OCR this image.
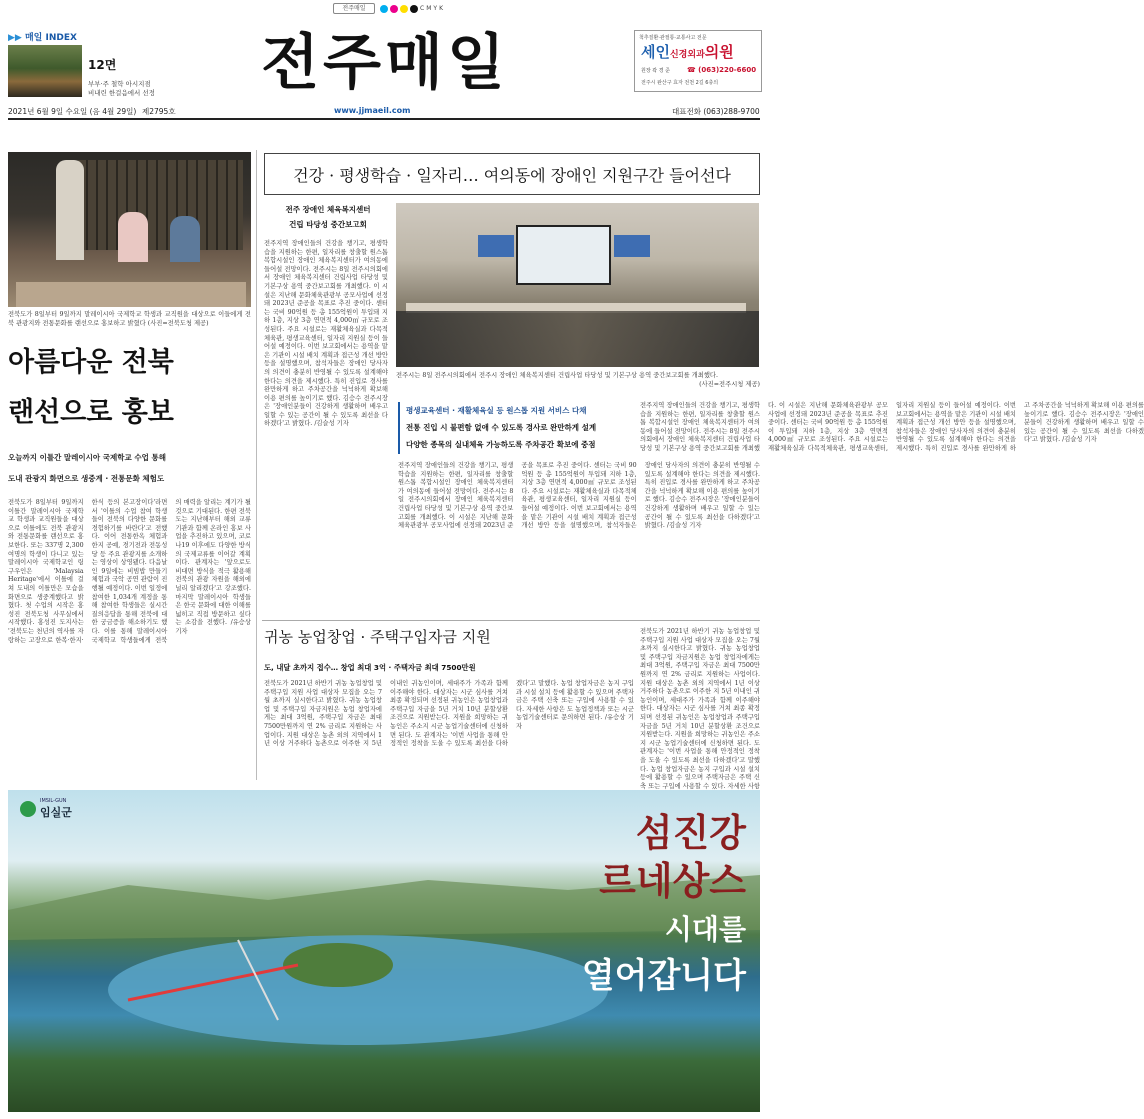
전주매일	C M Y K
▶▶ 매일 INDEX
12면
부부·주 철학 아시지점
비내린 한걸음에서 선정 전주매일	척추질환·관절통·교통사고 전문
세인신경외과의원
원장 곽 경 준 ☎ (063)220-6600
전주시 완산구 효자 전천 2길 6층의
2021년 6월 9일 수요일 (음 4월 29일) 제2795호	www.jjmaeil.com	대표전화 (063)288-9700
전북도가 8일부터 9일까지 말레이시아 국제학교 학생과 교직원을 대상으로 이들에게 전북 관광지와 전통문화를 랜선으로 홍보하고 밝혔다 (사진=전북도청 제공)
아름다운 전북
랜선으로 홍보
오늘까지 이틀간 말레이시아 국제학교 수업 통해
도내 관광지 화면으로 생중계 · 전통문화 체험도
전북도가 8일부터 9일까지 이틀간 말레이시아 국제학교 학생과 교직원들을 대상으로 이틀에도 전북 관광지와 전통문화를 랜선으로 홍보한다. 또는 337명 2,300여명의 학생이 다니고 있는 말레이시아 국제학교인 링구우인은 'Malaysia Heritage'에서 이틀에 걸쳐 도내의 이틀만은 모습을 화면으로 생중계했다고 밝혔다. 첫 수업의 시작은 홍성진 전북도청 사무실에서 시작했다. 홍성진 도지사는 '전북도는 천년의 역사를 자랑하는 고장으로 한복·한지·한식 등의 본고장이다'라면서 '이틀의 수업 참여 학생들이 전북의 다양한 문화를 경험하기를 바란다'고 전했다. 이어 전통한옥 체험과 한지 공예, 경기전과 전동성당 등 주요 관광지를 소개하는 영상이 상영됐다. 다음날인 9일에는 비빔밥 만들기 체험과 국악 공연 관람이 진행될 예정이다. 이번 일정에 참여한 1,034개 계정을 통해 참여한 학생들은 실시간 질의응답을 통해 전북에 대한 궁금증을 해소하기도 했다. 이를 통해 말레이시아 국제학교 학생들에게 전북의 매력을 알리는 계기가 될 것으로 기대된다. 한편 전북도는 지난해부터 해외 교류기관과 함께 온라인 홍보 사업을 추진하고 있으며, 코로나19 이후에도 다양한 방식의 국제교류를 이어갈 계획이다. 관계자는 '앞으로도 비대면 방식을 적극 활용해 전북의 관광 자원을 해외에 널리 알리겠다'고 강조했다. 마지막 말레이시아 학생들은 한국 문화에 대한 이해를 넓히고 직접 방문하고 싶다는 소감을 전했다. /유승상 기자
건강 · 평생학습 · 일자리… 여의동에 장애인 지원구간 들어선다
전주 장애인 체육복지센터
건립 타당성 중간보고회
전주지역 장애인들의 건강을 챙기고, 평생학습을 지원하는 한편, 일자리를 창출할 원스톱 복합시설인 장애인 체육복지센터가 여의동에 들어설 전망이다. 전주시는 8일 전주시의회에서 장애인 체육복지센터 건립사업 타당성 및 기본구상 용역 중간보고회를 개최했다. 이 시설은 지난해 문화체육관광부 공모사업에 선정돼 2023년 준공을 목표로 추진 중이다. 센터는 국비 90억원 등 총 155억원이 투입돼 지하 1층, 지상 3층 연면적 4,000㎡ 규모로 조성된다. 주요 시설로는 재활체육실과 다목적체육관, 평생교육센터, 일자리 지원실 등이 들어설 예정이다. 이번 보고회에서는 용역을 맡은 기관이 시설 배치 계획과 접근성 개선 방안 등을 설명했으며, 참석자들은 장애인 당사자의 의견이 충분히 반영될 수 있도록 설계해야 한다는 의견을 제시했다. 특히 진입로 경사를 완만하게 하고 주차공간을 넉넉하게 확보해 이용 편의를 높이기로 했다. 김승수 전주시장은 '장애인분들이 건강하게 생활하며 배우고 일할 수 있는 공간이 될 수 있도록 최선을 다하겠다'고 밝혔다. /김슬성 기자
전주시는 8일 전주시의회에서 전주시 장애인 체육복지센터 건립사업 타당성 및 기본구상 용역 중간보고회를 개최했다.
(사진=전주시청 제공)
평생교육센터 · 재활체육실 등 원스톱 지원 서비스 다채
전통 진입 시 불편함 없애 수 있도록 경사로 완만하게 설계
다양한 종목의 실내체육 가능하도록 주차공간 확보에 중점
전주지역 장애인들의 건강을 챙기고, 평생학습을 지원하는 한편, 일자리를 창출할 원스톱 복합시설인 장애인 체육복지센터가 여의동에 들어설 전망이다. 전주시는 8일 전주시의회에서 장애인 체육복지센터 건립사업 타당성 및 기본구상 용역 중간보고회를 개최했다. 이 시설은 지난해 문화체육관광부 공모사업에 선정돼 2023년 준공을 목표로 추진 중이다. 센터는 국비 90억원 등 총 155억원이 투입돼 지하 1층, 지상 3층 연면적 4,000㎡ 규모로 조성된다. 주요 시설로는 재활체육실과 다목적체육관, 평생교육센터, 일자리 지원실 등이 들어설 예정이다. 이번 보고회에서는 용역을 맡은 기관이 시설 배치 계획과 접근성 개선 방안 등을 설명했으며, 참석자들은 장애인 당사자의 의견이 충분히 반영될 수 있도록 설계해야 한다는 의견을 제시했다. 특히 진입로 경사를 완만하게 하고 주차공간을 넉넉하게 확보해 이용 편의를 높이기로 했다. 김승수 전주시장은 '장애인분들이 건강하게 생활하며 배우고 일할 수 있는 공간이 될 수 있도록 최선을 다하겠다'고 밝혔다. /김슬성 기자
전주지역 장애인들의 건강을 챙기고, 평생학습을 지원하는 한편, 일자리를 창출할 원스톱 복합시설인 장애인 체육복지센터가 여의동에 들어설 전망이다. 전주시는 8일 전주시의회에서 장애인 체육복지센터 건립사업 타당성 및 기본구상 용역 중간보고회를 개최했다. 이 시설은 지난해 문화체육관광부 공모사업에 선정돼 2023년 준공을 목표로 추진 중이다. 센터는 국비 90억원 등 총 155억원이 투입돼 지하 1층, 지상 3층 연면적 4,000㎡ 규모로 조성된다. 주요 시설로는 재활체육실과 다목적체육관, 평생교육센터, 일자리 지원실 등이 들어설 예정이다. 이번 보고회에서는 용역을 맡은 기관이 시설 배치 계획과 접근성 개선 방안 등을 설명했으며, 참석자들은 장애인 당사자의 의견이 충분히 반영될 수 있도록 설계해야 한다는 의견을 제시했다. 특히 진입로 경사를 완만하게 하고 주차공간을 넉넉하게 확보해 이용 편의를 높이기로 했다. 김승수 전주시장은 '장애인분들이 건강하게 생활하며 배우고 일할 수 있는 공간이 될 수 있도록 최선을 다하겠다'고 밝혔다. /김슬성 기자
귀농 농업창업 · 주택구입자금 지원
도, 내달 초까지 접수… 창업 최대 3억 · 주택자금 최대 7500만원
전북도가 2021년 하반기 귀농 농업창업 및 주택구입 지원 사업 대상자 모집을 오는 7월 초까지 실시한다고 밝혔다. 귀농 농업창업 및 주택구입 자금지원은 농업 창업자에게는 최대 3억원, 주택구입 자금은 최대 7500만원까지 연 2% 금리로 지원하는 사업이다. 지원 대상은 농촌 외의 지역에서 1년 이상 거주하다 농촌으로 이주한 지 5년 이내인 귀농인이며, 세대주가 가족과 함께 이주해야 한다. 대상자는 시군 심사를 거쳐 최종 확정되며 선정된 귀농인은 농업창업과 주택구입 자금을 5년 거치 10년 분할상환 조건으로 지원받는다. 지원을 희망하는 귀농인은 주소지 시군 농업기술센터에 신청하면 된다. 도 관계자는 '이번 사업을 통해 안정적인 정착을 도울 수 있도록 최선을 다하겠다'고 말했다. 농업 창업자금은 농지 구입과 시설 설치 등에 활용할 수 있으며 주택자금은 주택 신축 또는 구입에 사용할 수 있다. 자세한 사항은 도 농업정책과 또는 시군 농업기술센터로 문의하면 된다. /유승상 기자
전북도가 2021년 하반기 귀농 농업창업 및 주택구입 지원 사업 대상자 모집을 오는 7월 초까지 실시한다고 밝혔다. 귀농 농업창업 및 주택구입 자금지원은 농업 창업자에게는 최대 3억원, 주택구입 자금은 최대 7500만원까지 연 2% 금리로 지원하는 사업이다. 지원 대상은 농촌 외의 지역에서 1년 이상 거주하다 농촌으로 이주한 지 5년 이내인 귀농인이며, 세대주가 가족과 함께 이주해야 한다. 대상자는 시군 심사를 거쳐 최종 확정되며 선정된 귀농인은 농업창업과 주택구입 자금을 5년 거치 10년 분할상환 조건으로 지원받는다. 지원을 희망하는 귀농인은 주소지 시군 농업기술센터에 신청하면 된다. 도 관계자는 '이번 사업을 통해 안정적인 정착을 도울 수 있도록 최선을 다하겠다'고 말했다. 농업 창업자금은 농지 구입과 시설 설치 등에 활용할 수 있으며 주택자금은 주택 신축 또는 구입에 사용할 수 있다. 자세한 사항
IMSIL-GUN
임실군	섬진강
르네상스
시대를
열어갑니다
